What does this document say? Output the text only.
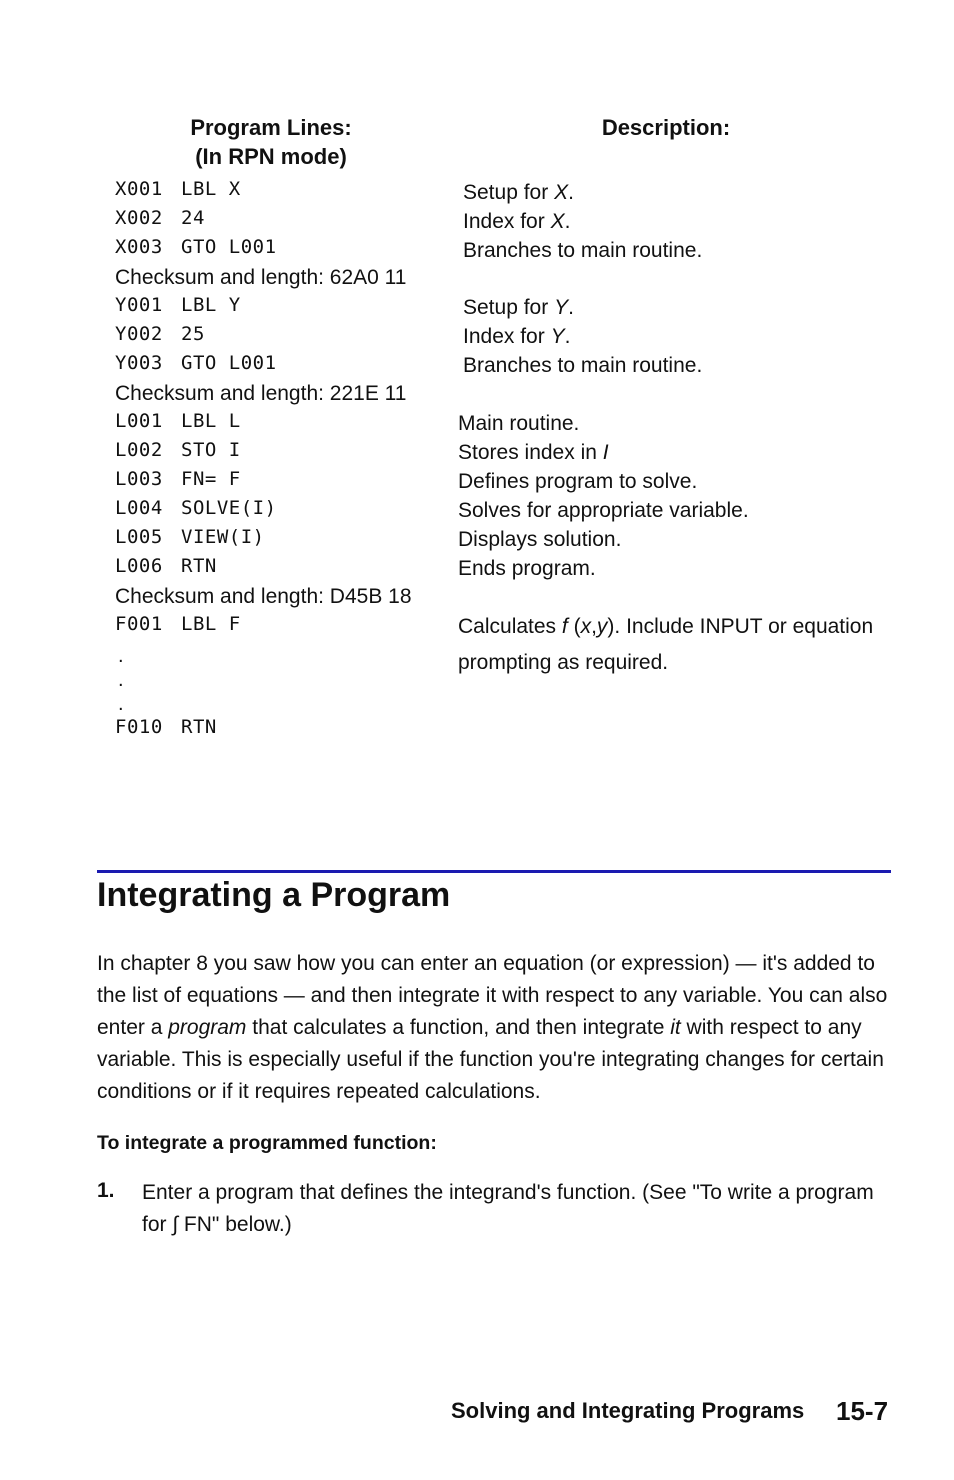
Program Lines:
(In RPN mode)
Description:
X001 LBL X
X002 24
X003 GTO L001
Checksum and length: 62A0 11
Y001 LBL Y
Y002 25
Y003 GTO L001
Checksum and length: 221E 11
L001 LBL L
L002 STO I
L003 FN= F
L004 SOLVE(I)
L005 VIEW(I)
L006 RTN
Checksum and length: D45B 18
F001 LBL F
.
.
.
F010 RTN
Setup for X.
Index for X.
Branches to main routine.
Setup for Y.
Index for Y.
Branches to main routine.
Main routine.
Stores index in I
Defines program to solve.
Solves for appropriate variable.
Displays solution.
Ends program.
Calculates f (x,y). Include INPUT or equation
prompting as required.
Integrating a Program
In chapter 8 you saw how you can enter an equation (or expression) — it's added to the list of equations — and then integrate it with respect to any variable. You can also enter a program that calculates a function, and then integrate it with respect to any variable. This is especially useful if the function you're integrating changes for certain conditions or if it requires repeated calculations.
To integrate a programmed function:
1. Enter a program that defines the integrand's function. (See "To write a program for ∫ FN" below.)
Solving and Integrating Programs 15-7
